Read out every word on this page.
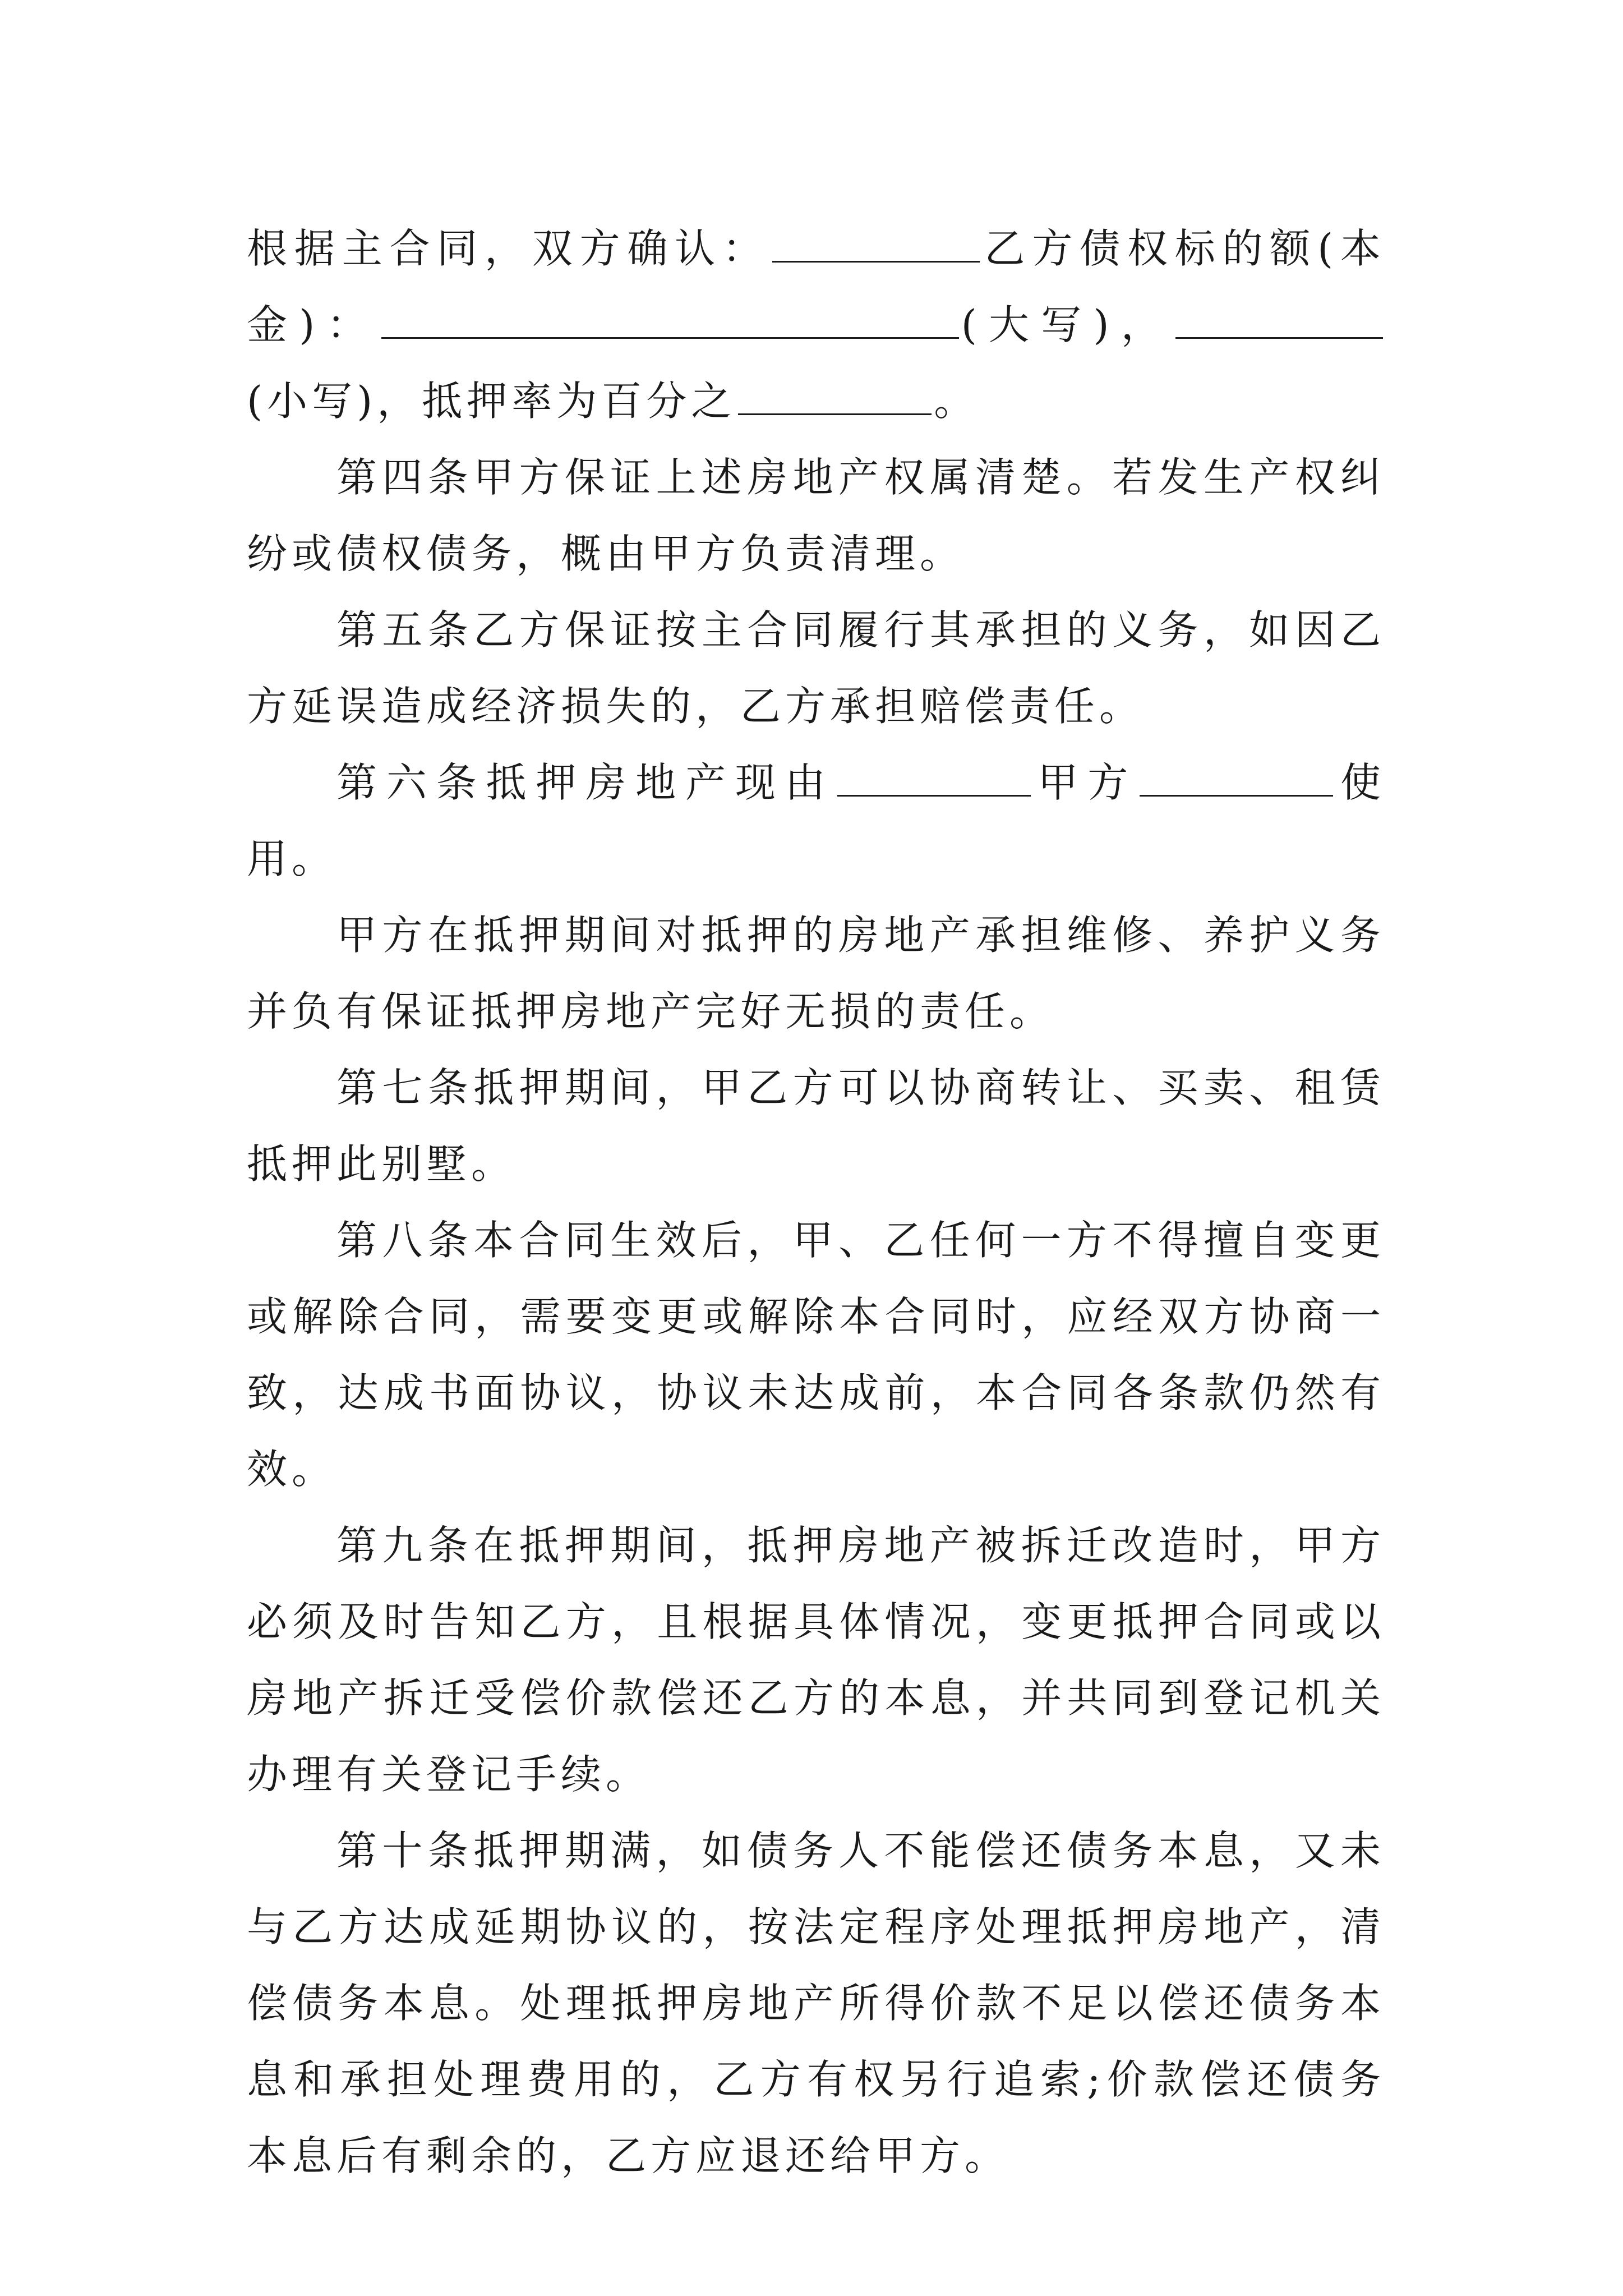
根据主合同，双方确认：	乙方债权标的额(本金)：	(大写)，(小写)，抵押率为百分之	。

第四条甲方保证上述房地产权属清楚。若发生产权纠纷或债权债务，概由甲方负责清理。

第五条乙方保证按主合同履行其承担的义务，如因乙方延误造成经济损失的，乙方承担赔偿责任。

第六条抵押房地产现由	甲方	使用。

甲方在抵押期间对抵押的房地产承担维修、养护义务并负有保证抵押房地产完好无损的责任。

第七条抵押期间，甲乙方可以协商转让、买卖、租赁抵押此别墅。

第八条本合同生效后，甲、乙任何一方不得擅自变更或解除合同，需要变更或解除本合同时，应经双方协商一致，达成书面协议，协议未达成前，本合同各条款仍然有效。

第九条在抵押期间，抵押房地产被拆迁改造时，甲方必须及时告知乙方，且根据具体情况，变更抵押合同或以房地产拆迁受偿价款偿还乙方的本息，并共同到登记机关办理有关登记手续。

第十条抵押期满，如债务人不能偿还债务本息，又未与乙方达成延期协议的，按法定程序处理抵押房地产，清偿债务本息。处理抵押房地产所得价款不足以偿还债务本息和承担处理费用的，乙方有权另行追索;价款偿还债务本息后有剩余的，乙方应退还给甲方。
